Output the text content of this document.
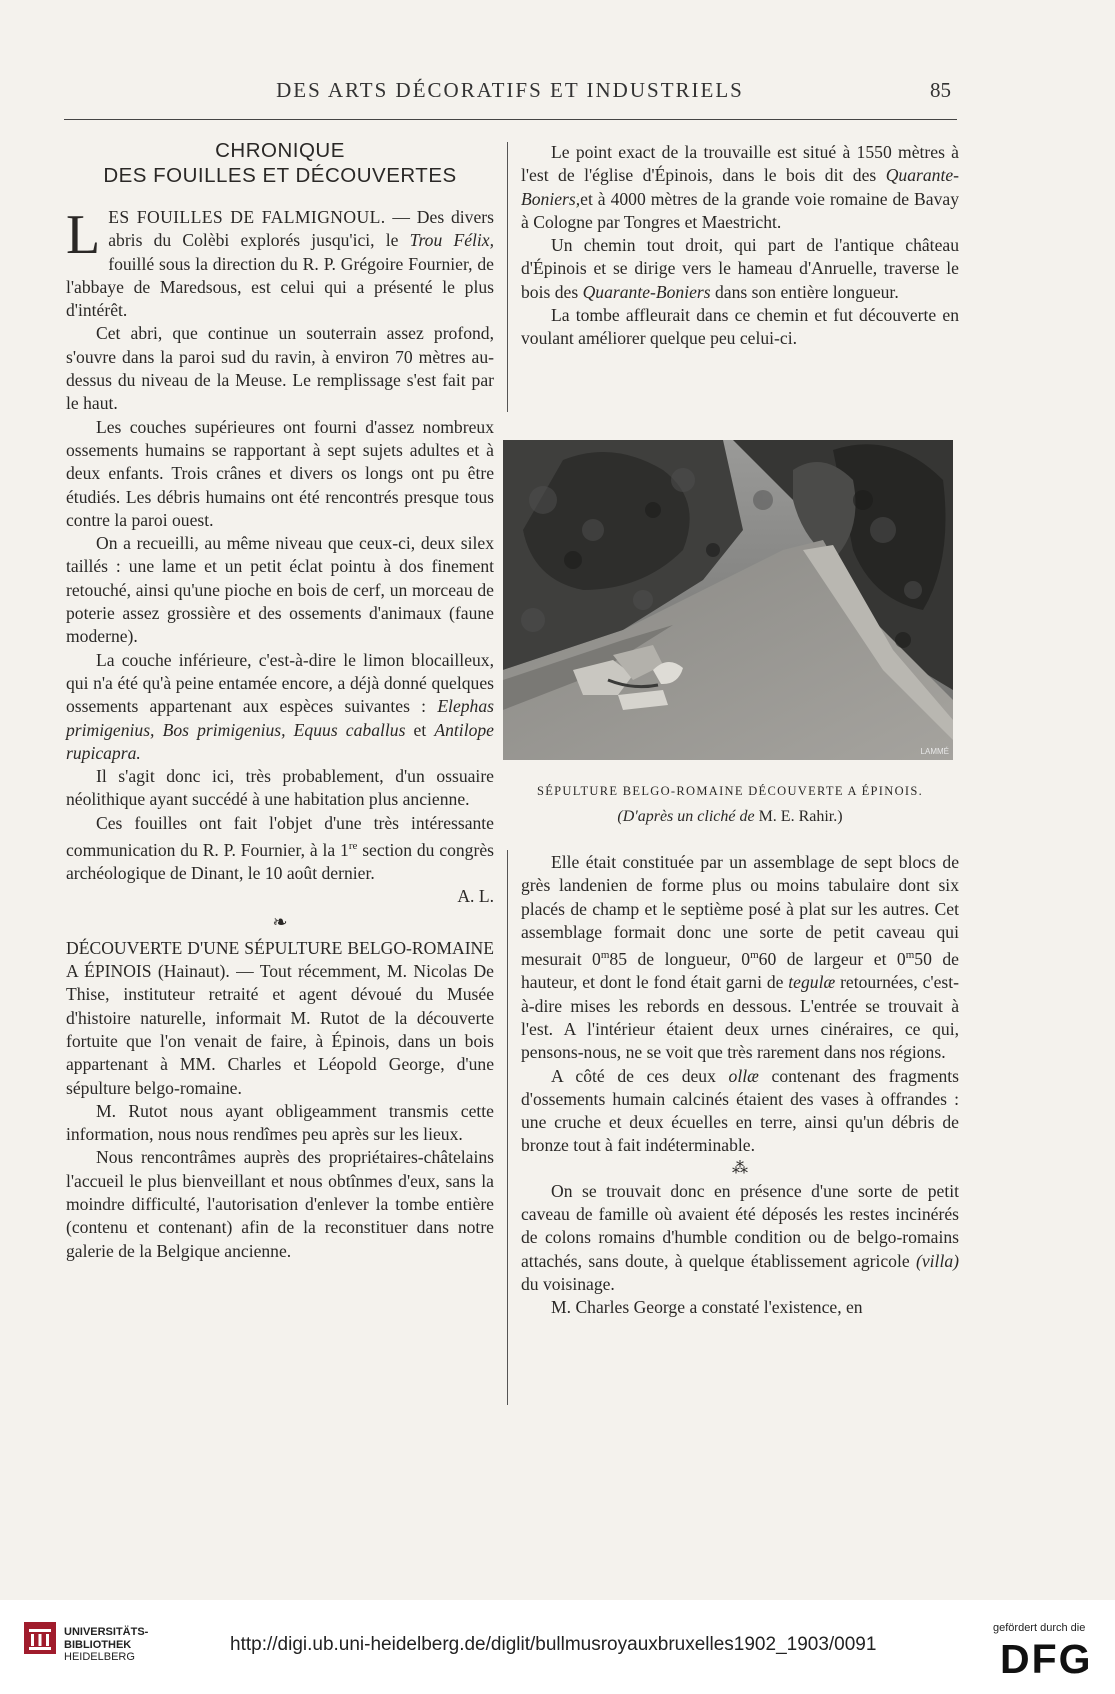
DES ARTS DÉCORATIFS ET INDUSTRIELS	85
CHRONIQUE
DES FOUILLES ET DÉCOUVERTES

LES FOUILLES DE FALMIGNOUL. — Des divers abris du Colèbi explorés jusqu'ici, le Trou Félix, fouillé sous la direction du R. P. Grégoire Fournier, de l'abbaye de Maredsous, est celui qui a présenté le plus d'intérêt.

Cet abri, que continue un souterrain assez profond, s'ouvre dans la paroi sud du ravin, à environ 70 mètres au-dessus du niveau de la Meuse. Le remplissage s'est fait par le haut.

Les couches supérieures ont fourni d'assez nombreux ossements humains se rapportant à sept sujets adultes et à deux enfants. Trois crânes et divers os longs ont pu être étudiés. Les débris humains ont été rencontrés presque tous contre la paroi ouest.

On a recueilli, au même niveau que ceux-ci, deux silex taillés : une lame et un petit éclat pointu à dos finement retouché, ainsi qu'une pioche en bois de cerf, un morceau de poterie assez grossière et des ossements d'animaux (faune moderne).

La couche inférieure, c'est-à-dire le limon blocailleux, qui n'a été qu'à peine entamée encore, a déjà donné quelques ossements appartenant aux espèces suivantes : Elephas primigenius, Bos primigenius, Equus caballus et Antilope rupicapra.

Il s'agit donc ici, très probablement, d'un ossuaire néolithique ayant succédé à une habitation plus ancienne.

Ces fouilles ont fait l'objet d'une très intéressante communication du R. P. Fournier, à la 1re section du congrès archéologique de Dinant, le 10 août dernier.

A. L.

❧

DÉCOUVERTE D'UNE SÉPULTURE BELGO-ROMAINE A ÉPINOIS (Hainaut). — Tout récemment, M. Nicolas De Thise, instituteur retraité et agent dévoué du Musée d'histoire naturelle, informait M. Rutot de la découverte fortuite que l'on venait de faire, à Épinois, dans un bois appartenant à MM. Charles et Léopold George, d'une sépulture belgo-romaine.

M. Rutot nous ayant obligeamment transmis cette information, nous nous rendîmes peu après sur les lieux.

Nous rencontrâmes auprès des propriétaires-châtelains l'accueil le plus bienveillant et nous obtînmes d'eux, sans la moindre difficulté, l'autorisation d'enlever la tombe entière (contenu et contenant) afin de la reconstituer dans notre galerie de la Belgique ancienne.

Le point exact de la trouvaille est situé à 1550 mètres à l'est de l'église d'Épinois, dans le bois dit des Quarante-Boniers,et à 4000 mètres de la grande voie romaine de Bavay à Cologne par Tongres et Maestricht.

Un chemin tout droit, qui part de l'antique château d'Épinois et se dirige vers le hameau d'Anruelle, traverse le bois des Quarante-Boniers dans son entière longueur.

La tombe affleurait dans ce chemin et fut découverte en voulant améliorer quelque peu celui-ci.

LAMMÉ
SÉPULTURE BELGO-ROMAINE DÉCOUVERTE A ÉPINOIS.
(D'après un cliché de M. E. Rahir.)

Elle était constituée par un assemblage de sept blocs de grès landenien de forme plus ou moins tabulaire dont six placés de champ et le septième posé à plat sur les autres. Cet assemblage formait donc une sorte de petit caveau qui mesurait 0$^m$85 de longueur, 0$^m$60 de largeur et 0$^m$50 de hauteur, et dont le fond était garni de tegulæ retournées, c'est-à-dire mises les rebords en dessous. L'entrée se trouvait à l'est. A l'intérieur étaient deux urnes cinéraires, ce qui, pensons-nous, ne se voit que très rarement dans nos régions.

A côté de ces deux ollæ contenant des fragments d'ossements humain calcinés étaient des vases à offrandes : une cruche et deux écuelles en terre, ainsi qu'un débris de bronze tout à fait indéterminable.

⁂

On se trouvait donc en présence d'une sorte de petit caveau de famille où avaient été déposés les restes incinérés de colons romains d'humble condition ou de belgo-romains attachés, sans doute, à quelque établissement agricole (villa) du voisinage.

M. Charles George a constaté l'existence, en

UNIVERSITÄTS-
BIBLIOTHEK
HEIDELBERG
http://digi.ub.uni-heidelberg.de/diglit/bullmusroyauxbruxelles1902_1903/0091
gefördert durch die
DFG
